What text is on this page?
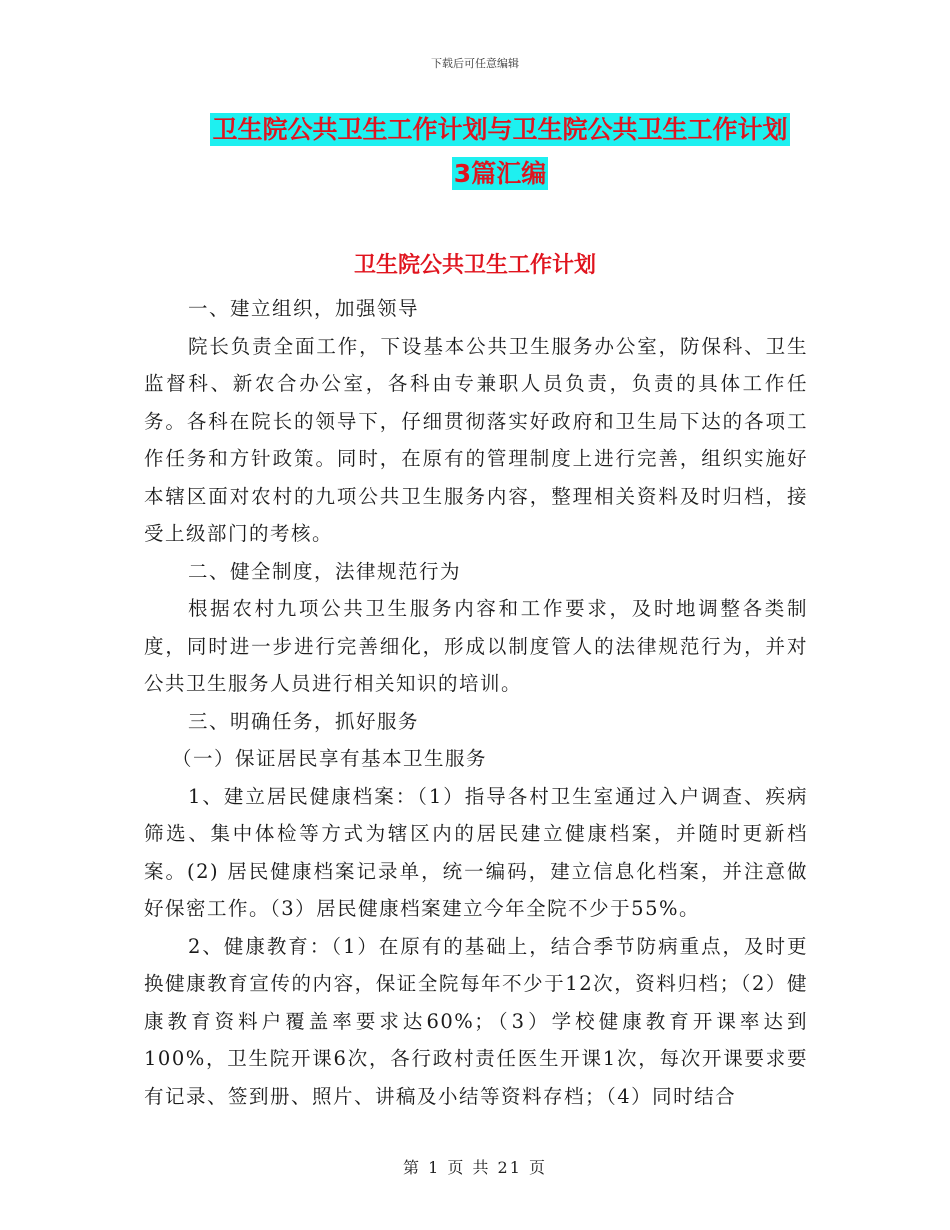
下载后可任意编辑
卫生院公共卫生工作计划与卫生院公共卫生工作计划
3篇汇编
卫生院公共卫生工作计划

一、建立组织，加强领导

院长负责全面工作，下设基本公共卫生服务办公室，防保科、卫生监督科、新农合办公室，各科由专兼职人员负责，负责的具体工作任务。各科在院长的领导下，仔细贯彻落实好政府和卫生局下达的各项工作任务和方针政策。同时，在原有的管理制度上进行完善，组织实施好本辖区面对农村的九项公共卫生服务内容，整理相关资料及时归档，接受上级部门的考核。

二、健全制度，法律规范行为

根据农村九项公共卫生服务内容和工作要求，及时地调整各类制度，同时进一步进行完善细化，形成以制度管人的法律规范行为，并对公共卫生服务人员进行相关知识的培训。

三、明确任务，抓好服务

（一）保证居民享有基本卫生服务

1、建立居民健康档案：（1）指导各村卫生室通过入户调查、疾病筛选、集中体检等方式为辖区内的居民建立健康档案，并随时更新档案。(2) 居民健康档案记录单，统一编码，建立信息化档案，并注意做好保密工作。（3）居民健康档案建立今年全院不少于55%。

2、健康教育：（1）在原有的基础上，结合季节防病重点，及时更换健康教育宣传的内容，保证全院每年不少于12次，资料归档；（2）健康教育资料户覆盖率要求达60%；（3）学校健康教育开课率达到100%，卫生院开课6次，各行政村责任医生开课1次，每次开课要求要有记录、签到册、照片、讲稿及小结等资料存档；（4）同时结合

第 1 页 共 21 页
